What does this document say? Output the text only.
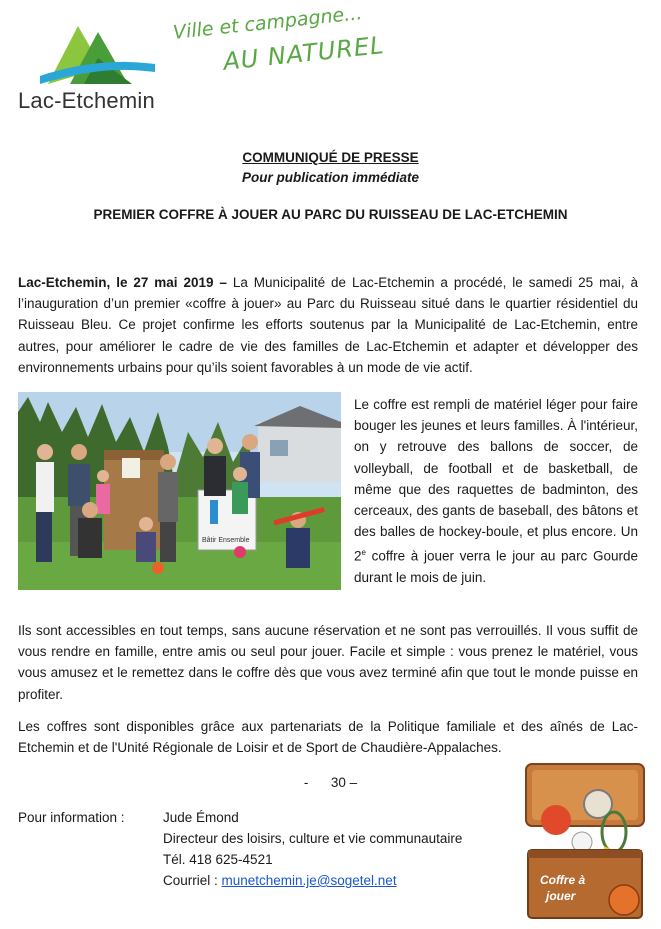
Lac-Etchemin
Ville et campagne...
AU NATUREL
COMMUNIQUÉ DE PRESSE
Pour publication immédiate
PREMIER COFFRE À JOUER AU PARC DU RUISSEAU DE LAC-ETCHEMIN
Lac-Etchemin, le 27 mai 2019 – La Municipalité de Lac-Etchemin a procédé, le samedi 25 mai, à l’inauguration d’un premier «coffre à jouer» au Parc du Ruisseau situé dans le quartier résidentiel du Ruisseau Bleu. Ce projet confirme les efforts soutenus par la Municipalité de Lac-Etchemin, entre autres, pour améliorer le cadre de vie des familles de Lac-Etchemin et adapter et développer des environnements urbains pour qu’ils soient favorables à un mode de vie actif.
Bâtir Ensemble
Le coffre est rempli de matériel léger pour faire bouger les jeunes et leurs familles. À l'intérieur, on y retrouve des ballons de soccer, de volleyball, de football et de basketball, de même que des raquettes de badminton, des cerceaux, des gants de baseball, des bâtons et des balles de hockey-boule, et plus encore. Un 2e coffre à jouer verra le jour au parc Gourde durant le mois de juin.
Ils sont accessibles en tout temps, sans aucune réservation et ne sont pas verrouillés. Il vous suffit de vous rendre en famille, entre amis ou seul pour jouer. Facile et simple : vous prenez le matériel, vous vous amusez et le remettez dans le coffre dès que vous avez terminé afin que tout le monde puisse en profiter.
Les coffres sont disponibles grâce aux partenariats de la Politique familiale et des aînés de Lac-Etchemin et de l'Unité Régionale de Loisir et de Sport de Chaudière-Appalaches.
-      30 –
Pour information :	Jude Émond
Directeur des loisirs, culture et vie communautaire
Tél. 418 625-4521
Courriel : munetchemin.je@sogetel.net	Coffre à
jouer
